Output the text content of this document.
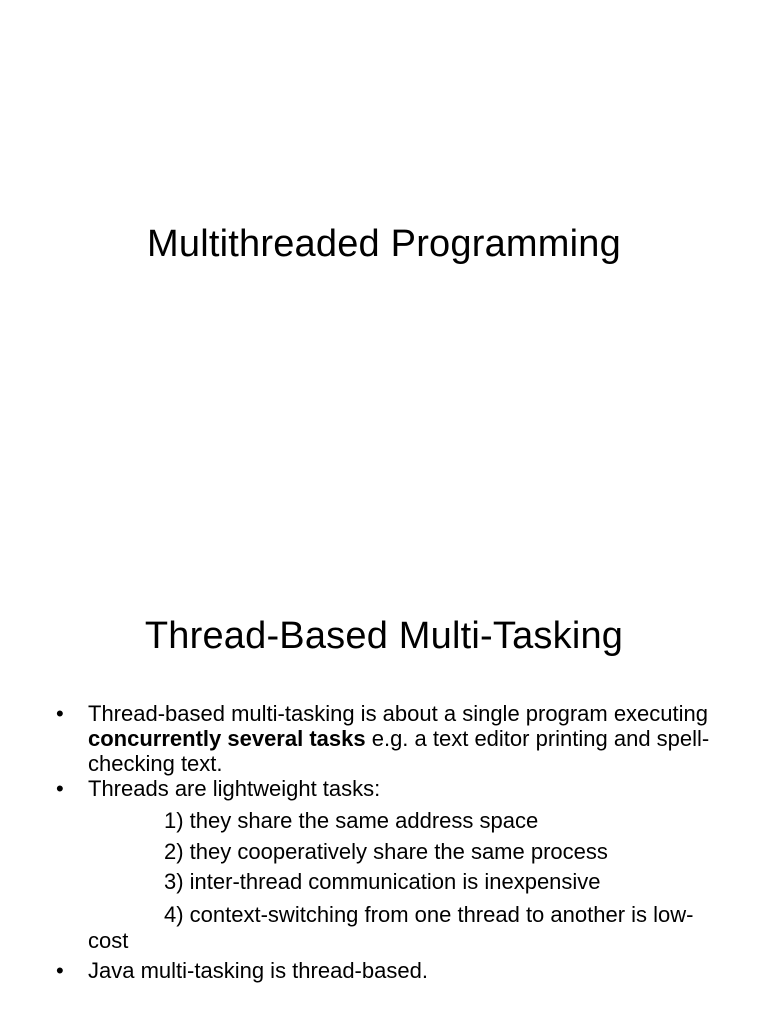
Multithreaded Programming
Thread-Based Multi-Tasking
• Thread-based multi-tasking is about a single program executing concurrently several tasks e.g. a text editor printing and spell-checking text.
• Threads are lightweight tasks:
1) they share the same address space
2) they cooperatively share the same process
3) inter-thread communication is inexpensive
4) context-switching from one thread to another is low-cost
• Java multi-tasking is thread-based.
